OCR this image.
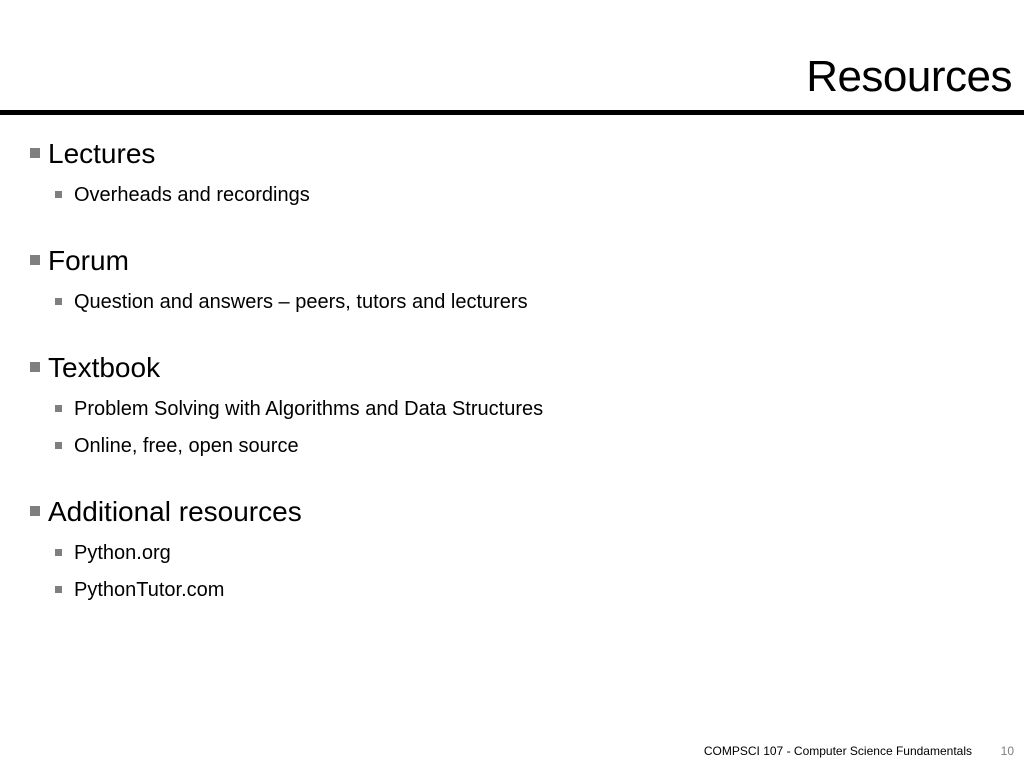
Resources
Lectures
Overheads and recordings
Forum
Question and answers – peers, tutors and lecturers
Textbook
Problem Solving with Algorithms and Data Structures
Online, free, open source
Additional resources
Python.org
PythonTutor.com
COMPSCI 107 - Computer Science Fundamentals 10
